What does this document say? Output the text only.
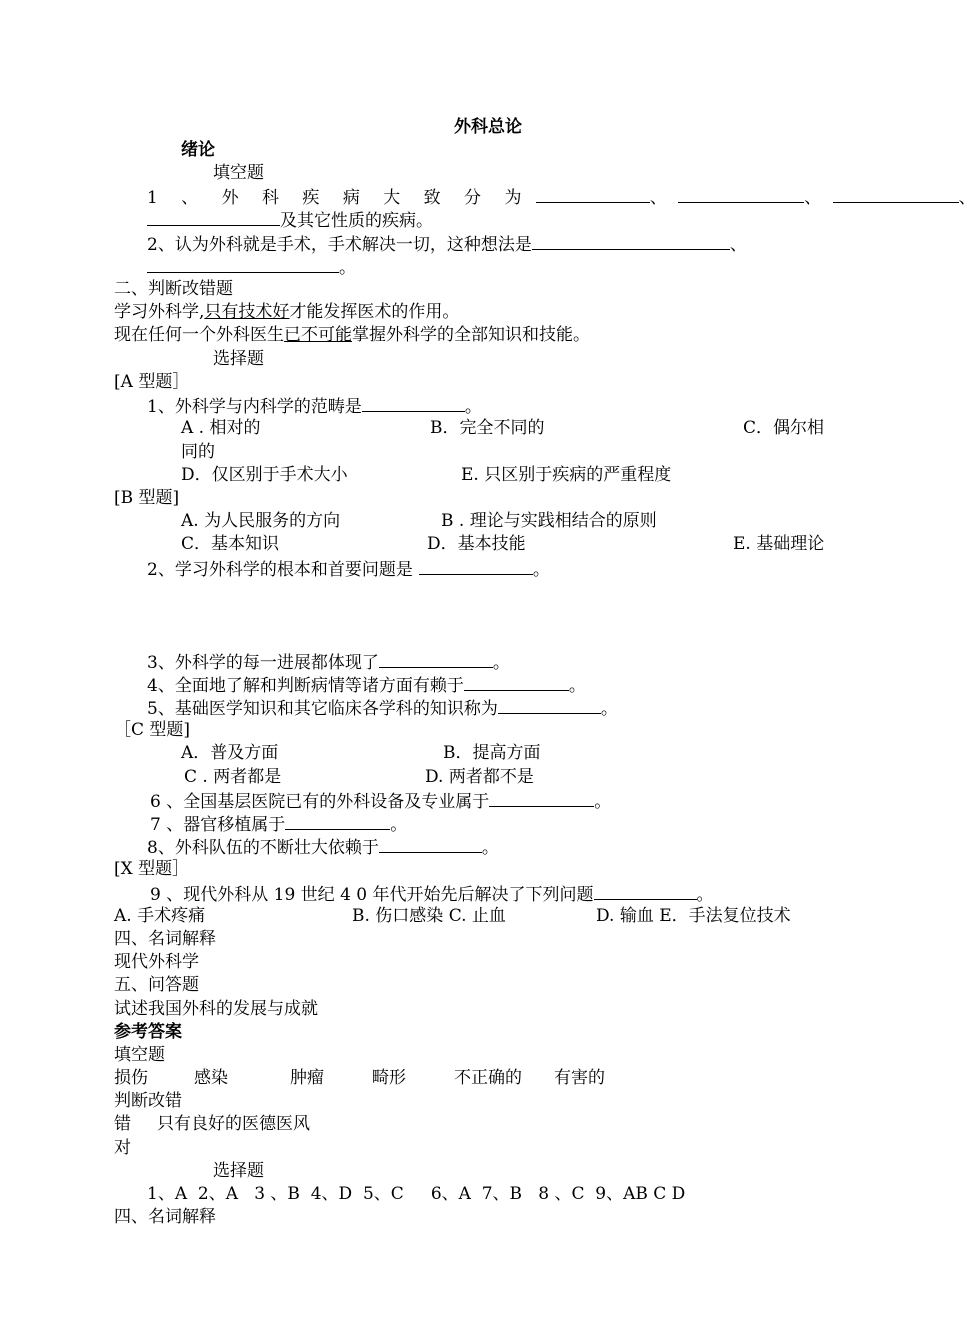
外科总论
绪论
填空题
1 、 外 科 疾 病 大 致 分 为	、	、	、
及其它性质的疾病。
2、认为外科就是手术，手术解决一切，这种想法是	、
。
二、判断改错题
学习外科学,只有技术好才能发挥医术的作用。
现在任何一个外科医生已不可能掌握外科学的全部知识和技能。
选择题
[A 型题］
1、外科学与内科学的范畴是	。
A . 相对的	B．完全不同的	C．偶尔相
同的
D．仅区别于手术大小	E. 只区别于疾病的严重程度
[B 型题]
A. 为人民服务的方向	B . 理论与实践相结合的原则
C．基本知识	D．基本技能	E. 基础理论
2、学习外科学的根本和首要问题是	。
3、外科学的每一进展都体现了	。
4、全面地了解和判断病情等诸方面有赖于	。
5、基础医学知识和其它临床各学科的知识称为	。
［C 型题]
A．普及方面	B．提高方面
C . 两者都是	D. 两者都不是
6 、全国基层医院已有的外科设备及专业属于	。
7 、器官移植属于	。
8、外科队伍的不断壮大依赖于	。
[X 型题］
9 、现代外科从 19 世纪 4 0 年代开始先后解决了下列问题	。
A. 手术疼痛	B. 伤口感染 C. 止血	D. 输血 E．手法复位技术
四、名词解释
现代外科学
五、问答题
试述我国外科的发展与成就
参考答案
填空题
损伤	感染	肿瘤	畸形	不正确的 有害的
判断改错
错 只有良好的医德医风
对
选择题
1、A  2、A   3 、B  4、D  5、C     6、A  7、B   8 、C  9、AB C D
四、名词解释
